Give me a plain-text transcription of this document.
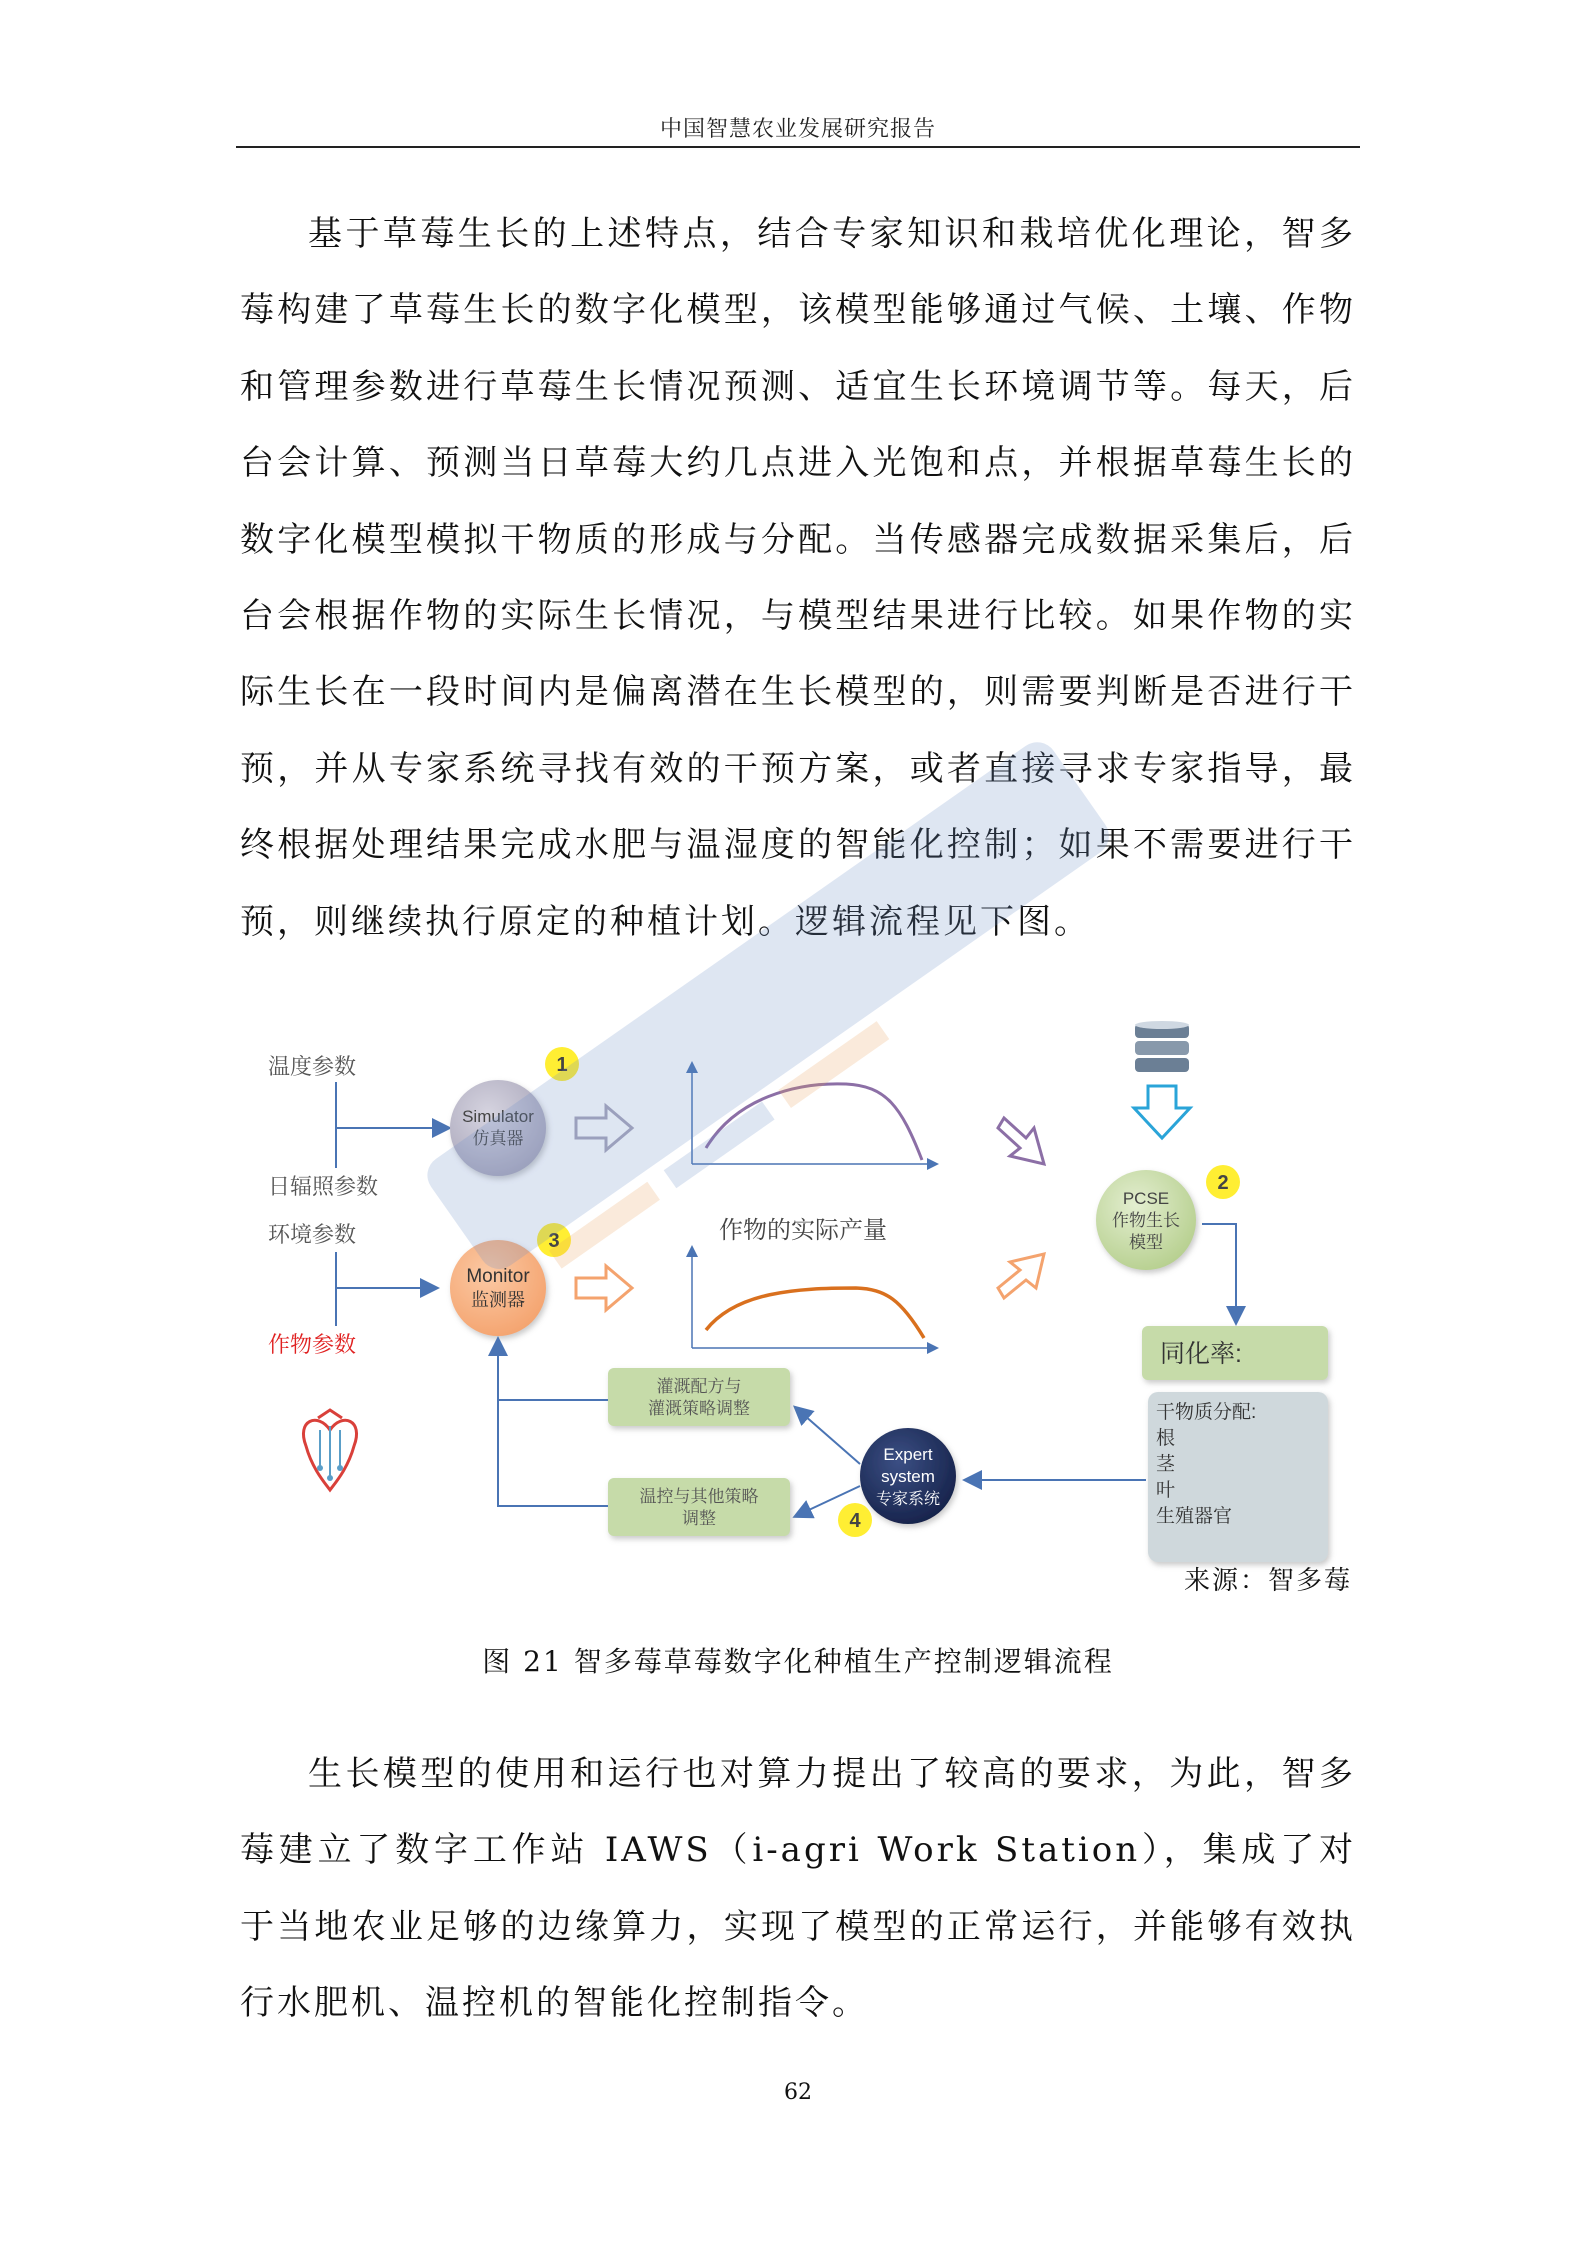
中国智慧农业发展研究报告

基于草莓生长的上述特点，结合专家知识和栽培优化理论，智多莓构建了草莓生长的数字化模型，该模型能够通过气候、土壤、作物和管理参数进行草莓生长情况预测、适宜生长环境调节等。每天，后台会计算、预测当日草莓大约几点进入光饱和点，并根据草莓生长的数字化模型模拟干物质的形成与分配。当传感器完成数据采集后，后台会根据作物的实际生长情况，与模型结果进行比较。如果作物的实际生长在一段时间内是偏离潜在生长模型的，则需要判断是否进行干预，并从专家系统寻找有效的干预方案，或者直接寻求专家指导，最终根据处理结果完成水肥与温湿度的智能化控制；如果不需要进行干预，则继续执行原定的种植计划。逻辑流程见下图。

温度参数
日辐照参数
环境参数
作物参数
Simulator
仿真器
1
Monitor
监测器
3	作物的实际产量
PCSE
作物生长
模型
2
同化率:
干物质分配:
根
茎
叶
生殖器官
Expert
system
专家系统
4
灌溉配方与
灌溉策略调整
温控与其他策略
调整
来源：智多莓
图 21 智多莓草莓数字化种植生产控制逻辑流程

生长模型的使用和运行也对算力提出了较高的要求，为此，智多莓建立了数字工作站 IAWS（i-agri Work Station），集成了对于当地农业足够的边缘算力，实现了模型的正常运行，并能够有效执行水肥机、温控机的智能化控制指令。

62
